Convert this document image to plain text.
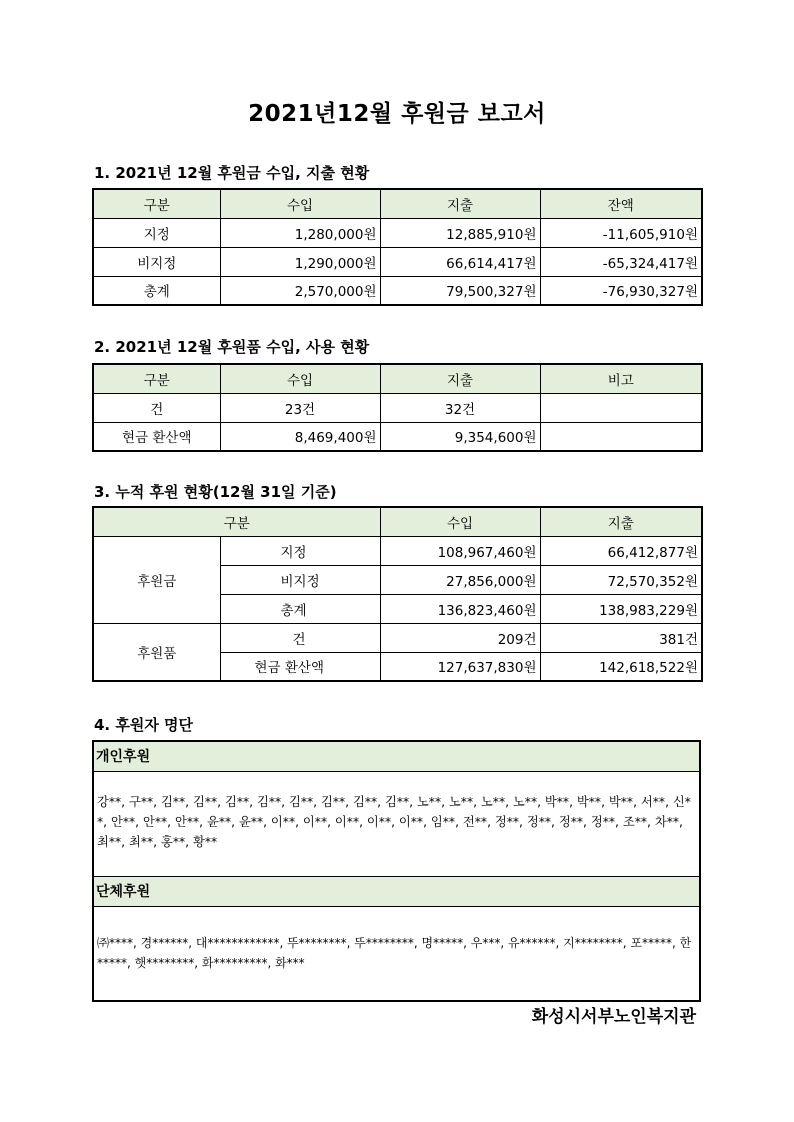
2021년12월 후원금 보고서
1. 2021년 12월 후원금 수입, 지출 현황
구분	수입	지출	잔액
지정	1,280,000원	12,885,910원	-11,605,910원
비지정	1,290,000원	66,614,417원	-65,324,417원
총계	2,570,000원	79,500,327원	-76,930,327원
2. 2021년 12월 후원품 수입, 사용 현황
구분	수입	지출	비고
건	23건	32건	
현금 환산액	8,469,400원	9,354,600원	
3. 누적 후원 현황(12월 31일 기준)
구분		수입	지출
후원금	지정	108,967,460원	66,412,877원
	비지정	27,856,000원	72,570,352원
	총계	136,823,460원	138,983,229원
후원품	건	209건	381건
	현금 환산액	127,637,830원	142,618,522원
4. 후원자 명단
개인후원
강**, 구**, 김**, 김**, 김**, 김**, 김**, 김**, 김**, 김**, 노**, 노**, 노**, 노**, 박**, 박**, 박**, 서**, 신**, 안**, 안**, 안**, 윤**, 윤**, 이**, 이**, 이**, 이**, 이**, 임**, 전**, 정**, 정**, 정**, 정**, 조**, 차**, 최**, 최**, 홍**, 황**
단체후원
㈜****, 경******, 대************, 뚜********, 뚜********, 명*****, 우***, 유******, 지********, 포*****, 한*****, 햇********, 화*********, 화***
화성시서부노인복지관
